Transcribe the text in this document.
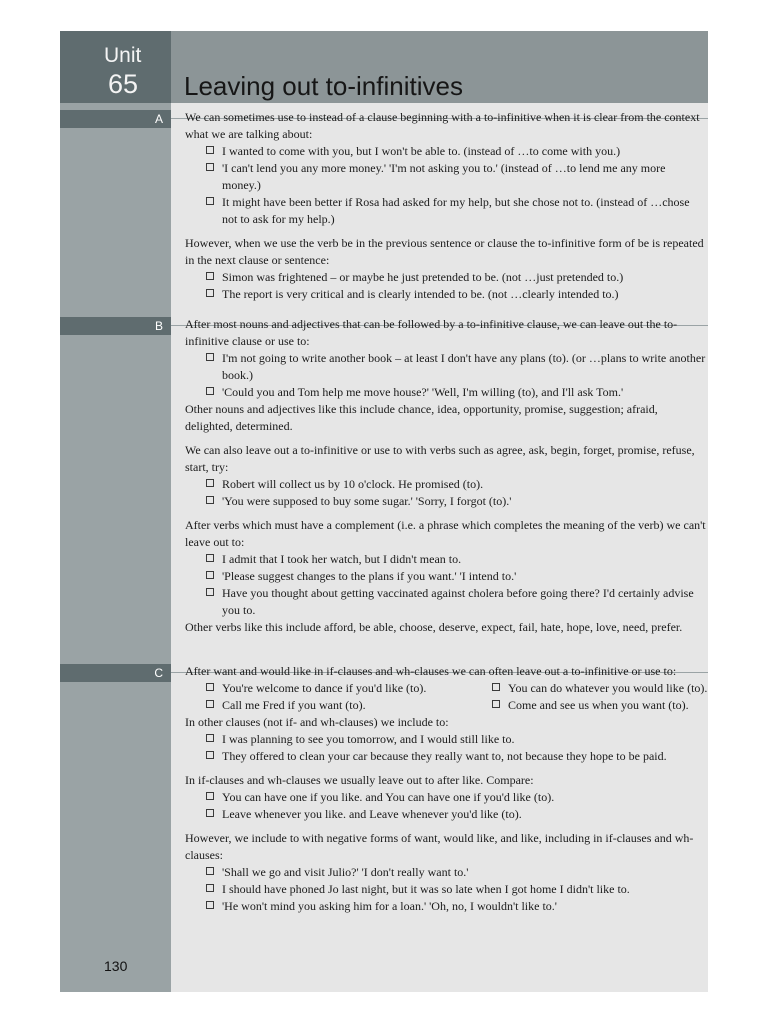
Unit
65 Leaving out to-infinitives
A	We can sometimes use to instead of a clause beginning with a to-infinitive when it is clear from the context what we are talking about:

I wanted to come with you, but I won't be able to. (instead of …to come with you.)

'I can't lend you any more money.' 'I'm not asking you to.' (instead of …to lend me any more money.)

It might have been better if Rosa had asked for my help, but she chose not to. (instead of …chose not to ask for my help.)

However, when we use the verb be in the previous sentence or clause the to-infinitive form of be is repeated in the next clause or sentence:

Simon was frightened – or maybe he just pretended to be. (not …just pretended to.)

The report is very critical and is clearly intended to be. (not …clearly intended to.)

B	After most nouns and adjectives that can be followed by a to-infinitive clause, we can leave out the to-infinitive clause or use to:

I'm not going to write another book – at least I don't have any plans (to). (or …plans to write another book.)

'Could you and Tom help me move house?' 'Well, I'm willing (to), and I'll ask Tom.'

Other nouns and adjectives like this include chance, idea, opportunity, promise, suggestion; afraid, delighted, determined.

We can also leave out a to-infinitive or use to with verbs such as agree, ask, begin, forget, promise, refuse, start, try:

Robert will collect us by 10 o'clock. He promised (to).

'You were supposed to buy some sugar.' 'Sorry, I forgot (to).'

After verbs which must have a complement (i.e. a phrase which completes the meaning of the verb) we can't leave out to:

I admit that I took her watch, but I didn't mean to.

'Please suggest changes to the plans if you want.' 'I intend to.'

Have you thought about getting vaccinated against cholera before going there? I'd certainly advise you to.

Other verbs like this include afford, be able, choose, deserve, expect, fail, hate, hope, love, need, prefer.

C	After want and would like in if-clauses and wh-clauses we can often leave out a to-infinitive or use to:

You're welcome to dance if you'd like (to).	You can do whatever you would like (to).

Call me Fred if you want (to).	Come and see us when you want (to).

In other clauses (not if- and wh-clauses) we include to:

I was planning to see you tomorrow, and I would still like to.

They offered to clean your car because they really want to, not because they hope to be paid.

In if-clauses and wh-clauses we usually leave out to after like. Compare:

You can have one if you like. and You can have one if you'd like (to).

Leave whenever you like. and Leave whenever you'd like (to).

However, we include to with negative forms of want, would like, and like, including in if-clauses and wh-clauses:

'Shall we go and visit Julio?' 'I don't really want to.'

I should have phoned Jo last night, but it was so late when I got home I didn't like to.

'He won't mind you asking him for a loan.' 'Oh, no, I wouldn't like to.'

130
